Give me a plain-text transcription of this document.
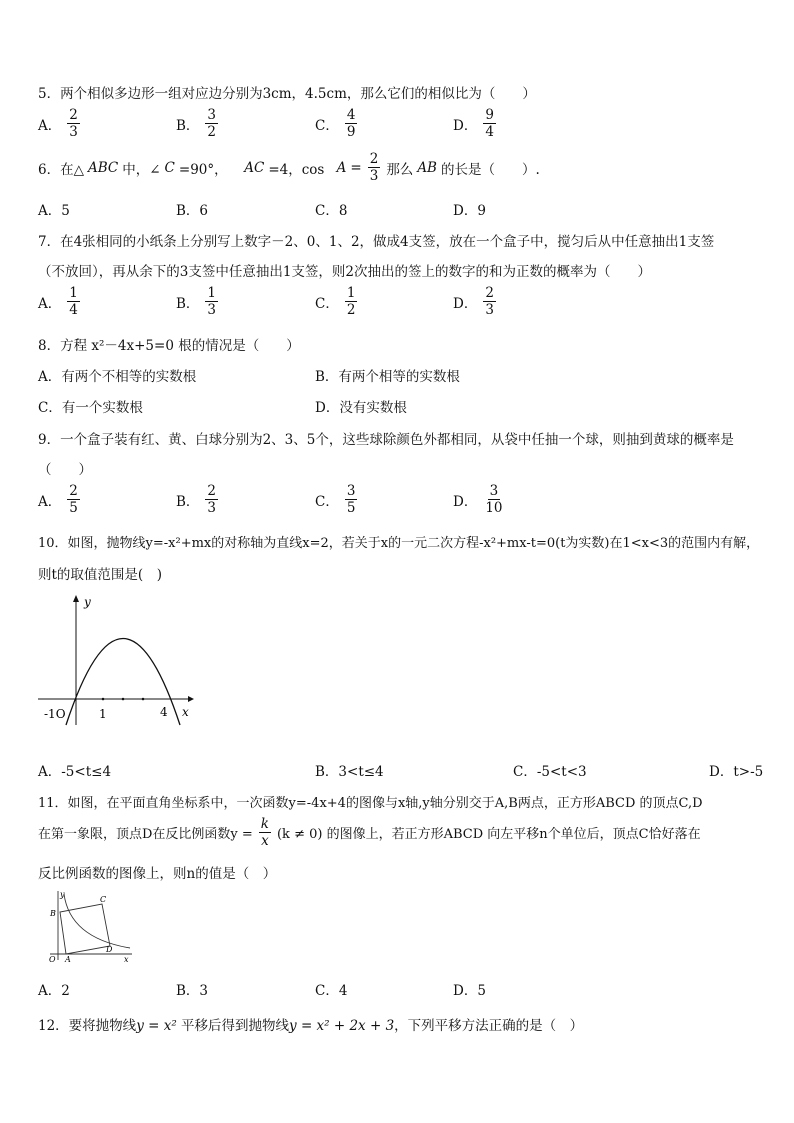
5．两个相似多边形一组对应边分别为3cm，4.5cm，那么它们的相似比为（　　）
A． $\frac{2}{3}$	B． $\frac{3}{2}$	C． $\frac{4}{9}$	D． $\frac{9}{4}$
6．在△ ABC 中，∠ C =90°，
AC =4，cos
$A = \frac{2}{3}$ 那么 AB 的长是（　　）.
A．5	B．6	C．8	D．9
7．在4张相同的小纸条上分别写上数字－2、0、1、2，做成4支签，放在一个盒子中，搅匀后从中任意抽出1支签
（不放回），再从余下的3支签中任意抽出1支签，则2次抽出的签上的数字的和为正数的概率为（　　）
A． $\frac{1}{4}$	B． $\frac{1}{3}$	C． $\frac{1}{2}$	D． $\frac{2}{3}$
8．方程 x²－4x+5=0 根的情况是（　　）
A．有两个不相等的实数根	B．有两个相等的实数根
C．有一个实数根	D．没有实数根
9．一个盒子装有红、黄、白球分别为2、3、5个，这些球除颜色外都相同，从袋中任抽一个球，则抽到黄球的概率是
（　　）
A． $\frac{2}{5}$	B． $\frac{2}{3}$	C． $\frac{3}{5}$	D． $\frac{3}{10}$
10．如图，抛物线y=-x²+mx的对称轴为直线x=2，若关于x的一元二次方程-x²+mx-t=0(t为实数)在1<x<3的范围内有解，
则t的取值范围是(　)
y
x
-1O	1	4
A．-5<t≤4	B．3<t≤4	C．-5<t<3	D．t>-5
11．如图，在平面直角坐标系中，一次函数y=-4x+4的图像与x轴,y轴分别交于A,B两点，正方形ABCD 的顶点C,D
在第一象限，顶点D在反比例函数$y = \frac{k}{x} (k \ne 0)$ 的图像上，若正方形ABCD 向左平移n个单位后，顶点C恰好落在
反比例函数的图像上，则n的值是（　）
y
x
O A
B
C
D
A．2	B．3	C．4	D．5
12．要将抛物线y = x² 平移后得到抛物线y = x² + 2x + 3，下列平移方法正确的是（　）
